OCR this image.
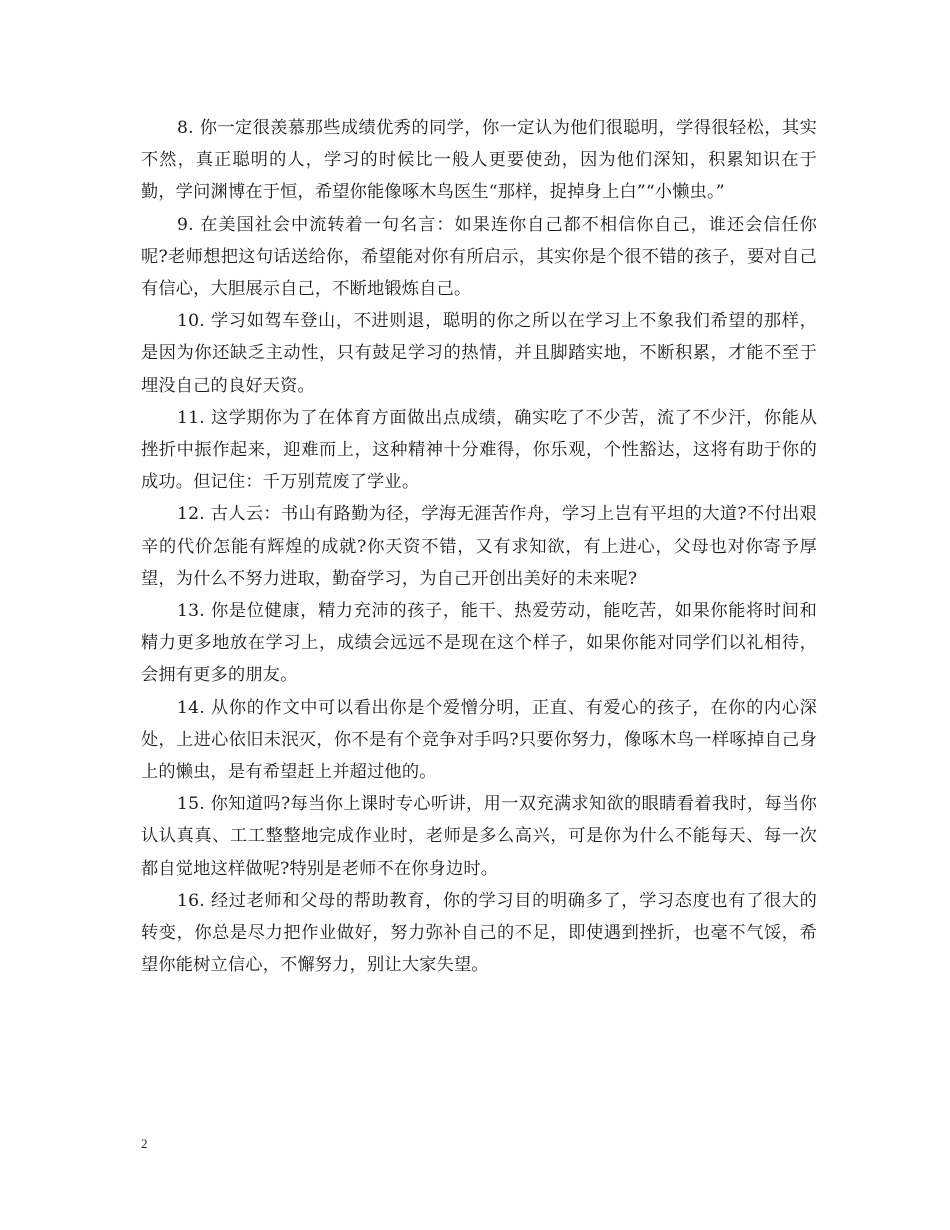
8. 你一定很羡慕那些成绩优秀的同学，你一定认为他们很聪明，学得很轻松，其实不然，真正聪明的人，学习的时候比一般人更要使劲，因为他们深知，积累知识在于勤，学问渊博在于恒，希望你能像啄木鸟医生“那样，捉掉身上白”“小懒虫。”

9. 在美国社会中流转着一句名言：如果连你自己都不相信你自己，谁还会信任你呢?老师想把这句话送给你，希望能对你有所启示，其实你是个很不错的孩子，要对自己有信心，大胆展示自己，不断地锻炼自己。

10. 学习如驾车登山，不进则退，聪明的你之所以在学习上不象我们希望的那样，是因为你还缺乏主动性，只有鼓足学习的热情，并且脚踏实地，不断积累，才能不至于埋没自己的良好天资。

11. 这学期你为了在体育方面做出点成绩，确实吃了不少苦，流了不少汗，你能从挫折中振作起来，迎难而上，这种精神十分难得，你乐观，个性豁达，这将有助于你的成功。但记住：千万别荒废了学业。

12. 古人云：书山有路勤为径，学海无涯苦作舟，学习上岂有平坦的大道?不付出艰辛的代价怎能有辉煌的成就?你天资不错，又有求知欲，有上进心，父母也对你寄予厚望，为什么不努力进取，勤奋学习，为自己开创出美好的未来呢?

13. 你是位健康，精力充沛的孩子，能干、热爱劳动，能吃苦，如果你能将时间和精力更多地放在学习上，成绩会远远不是现在这个样子，如果你能对同学们以礼相待，会拥有更多的朋友。

14. 从你的作文中可以看出你是个爱憎分明，正直、有爱心的孩子，在你的内心深处，上进心依旧未泯灭，你不是有个竞争对手吗?只要你努力，像啄木鸟一样啄掉自己身上的懒虫，是有希望赶上并超过他的。

15. 你知道吗?每当你上课时专心听讲，用一双充满求知欲的眼睛看着我时，每当你认认真真、工工整整地完成作业时，老师是多么高兴，可是你为什么不能每天、每一次都自觉地这样做呢?特别是老师不在你身边时。

16. 经过老师和父母的帮助教育，你的学习目的明确多了，学习态度也有了很大的转变，你总是尽力把作业做好，努力弥补自己的不足，即使遇到挫折，也毫不气馁，希望你能树立信心，不懈努力，别让大家失望。

2
